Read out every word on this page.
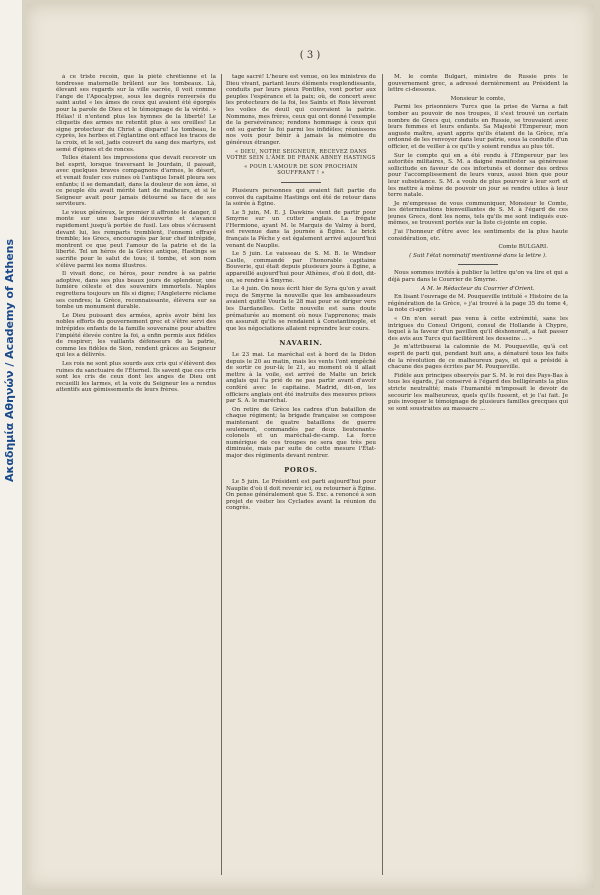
Ακαδημία Αθηνών / Academy of Athens
( 3 )

à ce triste recoin, que la piété chrétienne et la tendresse maternelle brûlent sur les tombeaux. Là, élevant ses regards sur la ville sacrée, il voit comme l'ange de l'Apocalypse, sous les degrés renversés du saint autel « les âmes de ceux qui avaient été égorgés pour la parole de Dieu et le témoignage de la vérité. » Hélas! il n'entend plus les hymnes de la liberté! Le cliquetis des armes ne retentit plus à ses oreilles! Le signe protecteur du Christ a disparu! Le tombeau, le cyprès, les herbes et l'églantine ont effacé les traces de la croix, et le sol, jadis couvert du sang des martyrs, est semé d'épines et de ronces.

Telles étaient les impressions que devait recevoir un bel esprit, lorsque traversant le Jourdain, il passait, avec quelques braves compagnons d'armes, le désert, et venait fouler ces ruines où l'antique Israël pleura ses enfants; il se demandait, dans la douleur de son âme, si ce peuple élu avait mérité tant de malheurs, et si le Seigneur avait pour jamais détourné sa face de ses serviteurs.

Le vieux généreux, le premier il affronte le danger, il monte sur une barque découverte et s'avance rapidement jusqu'à portée de fusil. Les obus s'écrasent devant lui, les remparts tremblent, l'ennemi effrayé tremble; les Grecs, encouragés par leur chef intrépide, montrent ce que peut l'amour de la patrie et de la liberté. Tel un héros de la Grèce antique, Hastings se sacrifie pour le salut de tous; il tombe, et son nom s'élève parmi les noms illustres.

Il vivait donc, ce héros, pour rendre à sa patrie adoptive, dans ses plus beaux jours de splendeur, une lumière céleste et des souvenirs immortels. Naples regrettera toujours un fils si digne; l'Angleterre réclame ses cendres; la Grèce, reconnaissante, élèvera sur sa tombe un monument durable.

Le Dieu puissant des armées, après avoir béni les nobles efforts du gouvernement grec et s'être servi des intrépides enfants de la famille souveraine pour abattre l'impiété élevée contre la foi, a enfin permis aux fidèles de respirer; les vaillants défenseurs de la patrie, comme les fidèles de Sion, rendent grâces au Seigneur qui les a délivrés.

Les rois ne sont plus sourds aux cris qui s'élèvent des ruines du sanctuaire de l'Éternel. Ils savent que ces cris sont les cris de ceux dont les anges de Dieu ont recueilli les larmes, et la voix du Seigneur les a rendus attentifs aux gémissements de leurs frères.

tage sacré! L'heure est venue, où les ministres du Dieu vivant, partant leurs éléments resplendissants, conduits par leurs pieux Pontifes, vont porter aux peuples l'espérance et la paix; où, de concert avec les protecteurs de la foi, les Saints et Rois lèveront les voiles de deuil qui couvraient la patrie. Nommons, mes frères, ceux qui ont donné l'exemple de la persévérance; rendons hommage à ceux qui ont su garder la foi parmi les infidèles; réunissons nos voix pour bénir à jamais la mémoire du généreux étranger.

« DIEU, NOTRE SEIGNEUR, RECEVEZ DANS VOTRE SEIN L'ÂME DE FRANK ABNEY HASTINGS

« POUR L'AMOUR DE SON PROCHAIN SOUFFRANT ! »

Plusieurs personnes qui avaient fait partie du convoi du capitaine Hastings ont été de retour dans la soirée à Égine.

Le 5 juin, M. E. J. Dawkins vient de partir pour Smyrne sur un cutter anglais. La frégate l'Hermione, ayant M. le Marquis de Valmy à bord, est revenue dans la journée à Égine. Le brick français la Pêche y est également arrivé aujourd'hui venant de Nauplie.

Le 5 juin. Le vaisseau de S. M. B. le Windsor Castle, commandé par l'honorable capitaine Bouverie, qui était depuis plusieurs jours à Égine, a appareillé aujourd'hui pour Athènes, d'où il doit, dit-on, se rendre à Smyrne.

Le 4 juin. On nous écrit hier de Syra qu'on y avait reçu de Smyrne la nouvelle que les ambassadeurs avaient quitté Vourla le 28 mai pour se diriger vers les Dardanelles. Cette nouvelle est sans doute prématurée au moment où nous l'apprenons; mais on assurait qu'ils se rendaient à Constantinople, et que les négociations allaient reprendre leur cours.

NAVARIN.

Le 23 mai. Le maréchal est à bord de la Didon depuis le 20 au matin, mais les vents l'ont empêché de sortir ce jour-là; le 21, au moment où il allait mettre à la voile, est arrivé de Malte un brick anglais qui l'a prié de ne pas partir avant d'avoir conféré avec le capitaine. Madrid, dit-on, les officiers anglais ont été instruits des mesures prises par S. A. le maréchal.

On retire de Grèce les cadres d'un bataillon de chaque régiment; la brigade française se compose maintenant de quatre bataillons de guerre seulement, commandés par deux lieutenants-colonels et un maréchal-de-camp. La force numérique de ces troupes ne sera que très peu diminuée, mais par suite de cette mesure l'État-major des régiments devant rentrer.

POROS.

Le 5 juin. Le Président est parti aujourd'hui pour Nauplie d'où il doit revenir ici, ou retourner à Égine. On pense généralement que S. Exc. a renoncé à son projet de visiter les Cyclades avant la réunion du congrès.

M. le comte Bulgari, ministre de Russie près le gouvernement grec, a adressé dernièrement au Président la lettre ci-dessous.

Monsieur le comte,

Parmi les prisonniers Turcs que la prise de Varna a fait tomber au pouvoir de nos troupes, il s'est trouvé un certain nombre de Grecs qui, conduits en Russie, se trouvaient avec leurs femmes et leurs enfants. Sa Majesté l'Empereur, mon auguste maître, ayant appris qu'ils étaient de la Grèce, m'a ordonné de les renvoyer dans leur patrie, sous la conduite d'un officier, et de veiller à ce qu'ils y soient rendus au plus tôt.

Sur le compte qui en a été rendu à l'Empereur par les autorités militaires, S. M. a daigné manifester sa généreuse sollicitude en faveur de ces infortunés et donner des ordres pour l'accomplissement de leurs vœux, aussi bien que pour leur subsistance. S. M. a voulu de plus pourvoir à leur sort et les mettre à même de pouvoir un jour se rendre utiles à leur terre natale.

Je m'empresse de vous communiquer, Monsieur le Comte, les déterminations bienveillantes de S. M. à l'égard de ces jeunes Grecs, dont les noms, tels qu'ils me sont indiqués eux-mêmes, se trouvent portés sur la liste ci-jointe en copie.

J'ai l'honneur d'être avec les sentiments de la plus haute considération, etc.

Comte BULGARI.

( Suit l'état nominatif mentionné dans la lettre ).

Nous sommes invités à publier la lettre qu'on va lire et qui a déjà paru dans le Courrier de Smyrne.

A M. le Rédacteur du Courrier d'Orient.

En lisant l'ouvrage de M. Pouqueville intitulé « Histoire de la régénération de la Grèce, » j'ai trouvé à la page 35 du tome 4, la note ci-après :

« On n'en serait pas venu à cette extrémité, sans les intrigues du Consul Origoni, consul de Hollande à Chypre, lequel à la faveur d'un pavillon qu'il déshonorait, a fait passer des avis aux Turcs qui facilitèrent les desseins ... »

Je m'attribuerai la calomnie de M. Pouqueville, qu'à cet esprit de parti qui, pendant huit ans, a dénaturé tous les faits de la révolution de ce malheureux pays, et qui a présidé à chacune des pages écrites par M. Pouqueville.

Fidèle aux principes observés par S. M. le roi des Pays-Bas à tous les égards, j'ai conservé à l'égard des belligérants la plus stricte neutralité; mais l'humanité m'imposait le devoir de secourir les malheureux, quels qu'ils fussent, et je l'ai fait. Je puis invoquer le témoignage de plusieurs familles grecques qui se sont soustraites au massacre ...
